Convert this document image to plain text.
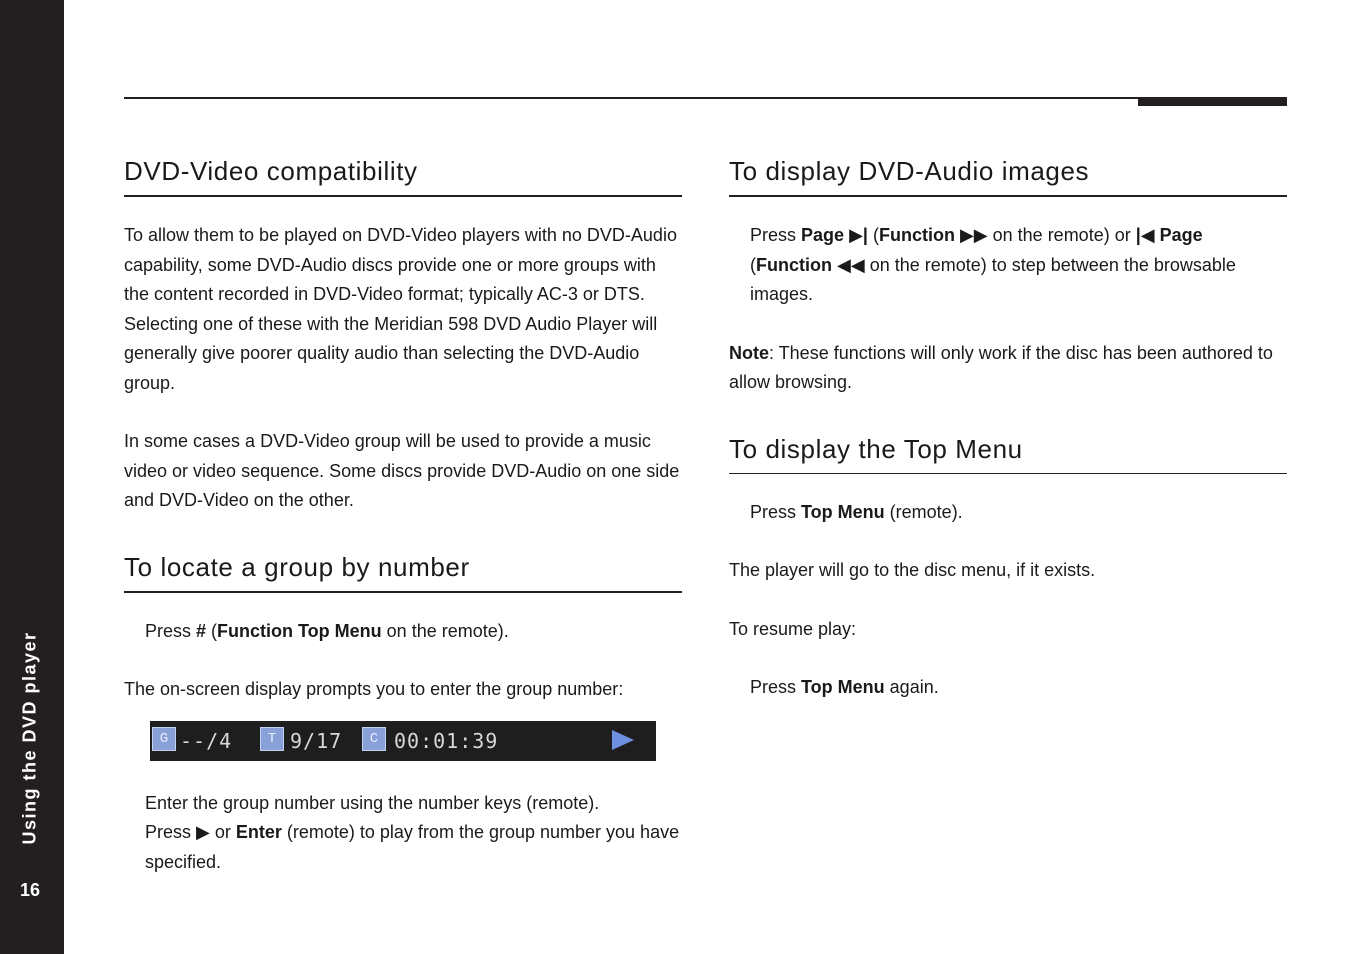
Using the DVD player
16
DVD-Video compatibility

To allow them to be played on DVD-Video players with no DVD-Audio capability, some DVD-Audio discs provide one or more groups with the content recorded in DVD-Video format; typically AC-3 or DTS. Selecting one of these with the Meridian 598 DVD Audio Player will generally give poorer quality audio than selecting the DVD-Audio group.

In some cases a DVD-Video group will be used to provide a music video or video sequence. Some discs provide DVD-Audio on one side and DVD-Video on the other.

To locate a group by number

Press # (Function Top Menu on the remote).

The on-screen display prompts you to enter the group number:

G --/4	T 9/17	C 00:01:39

Enter the group number using the number keys (remote).

Press ▶ or Enter (remote) to play from the group number you have specified.

To display DVD-Audio images

Press Page ▶| (Function ▶▶ on the remote) or |◀ Page (Function ◀◀ on the remote) to step between the browsable images.

Note: These functions will only work if the disc has been authored to allow browsing.

To display the Top Menu

Press Top Menu (remote).

The player will go to the disc menu, if it exists.

To resume play:

Press Top Menu again.
